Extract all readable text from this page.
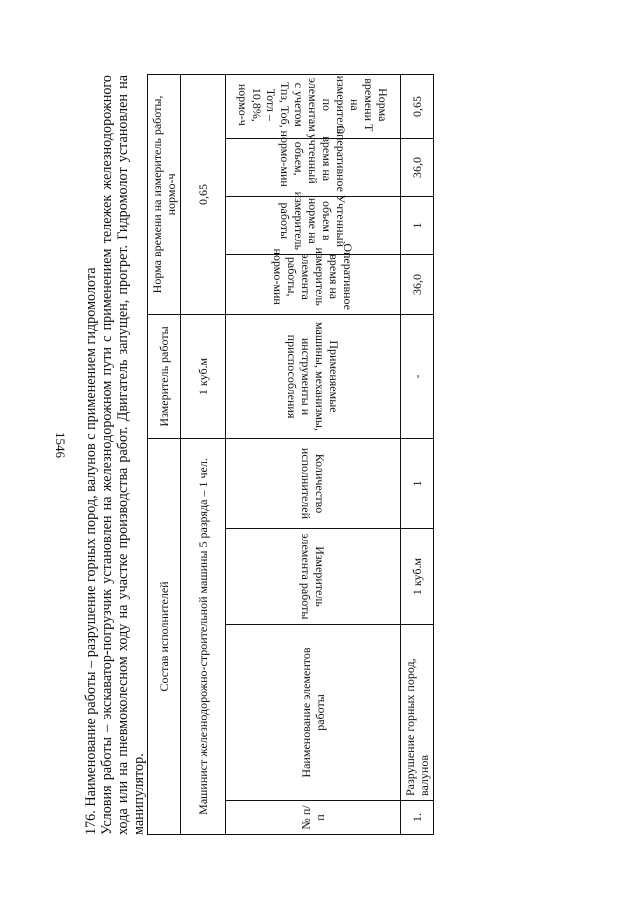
1546 176. Наименование работы – разрушение горных пород, валунов с применением гидромолота Условия работы – экскаватор-погрузчик установлен на железнодорожном пути с применением тележек железнодорожного хода или на пневмоколесном ходу на участке производства работ. Двигатель запущен, прогрет. Гидромолот установлен на манипулятор.

Состав исполнителей				Измеритель работы	Норма времени на измеритель работы, нормо-ч			
Машинист железнодорожно-строительной машины 5 разряда – 1 чел.				1 куб.м	0,65			
№ п/п	Наименование элементов работы	Измеритель элемента работы	Количество исполнителей	Применяемые машины, механизмы, инструменты и приспособления	Оперативное время на измеритель элемента работы, нормо-мин	Учтенный объем в норме на измеритель работы	Оперативное время на учтенный объем, нормо-мин	Норма времени Т на измеритель по элементам с учетом Тпз, Тоб, Тотл – 10,8%, нормо-ч
1.	Разрушение горных пород, валунов	1 куб.м	1	-	36,0	1	36,0	0,65
